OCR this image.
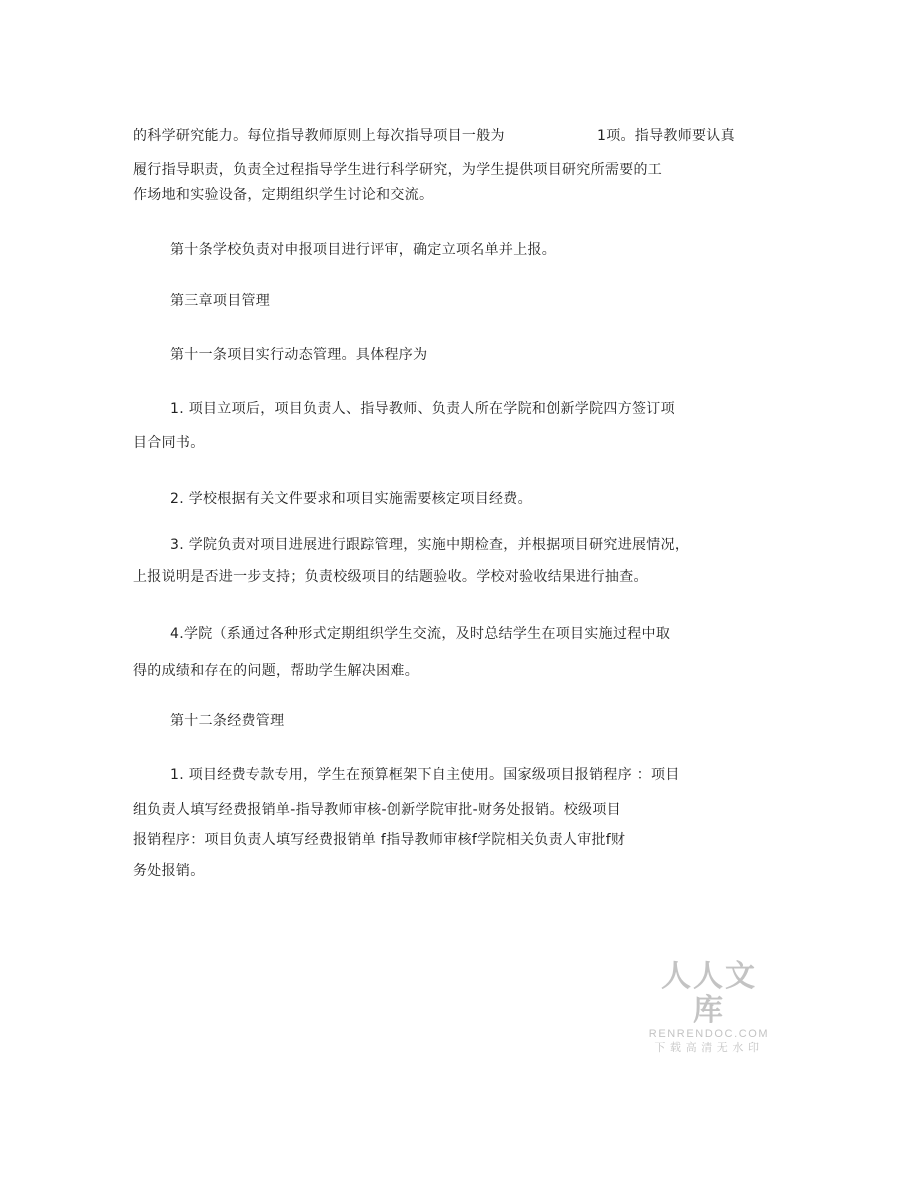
的科学研究能力。每位指导教师原则上每次指导项目一般为	1项。指导教师要认真
履行指导职责，负责全过程指导学生进行科学研究，为学生提供项目研究所需要的工
作场地和实验设备，定期组织学生讨论和交流。
第十条学校负责对申报项目进行评审，确定立项名单并上报。
第三章项目管理
第十一条项目实行动态管理。具体程序为
1. 项目立项后，项目负责人、指导教师、负责人所在学院和创新学院四方签订项
目合同书。
2. 学校根据有关文件要求和项目实施需要核定项目经费。
3. 学院负责对项目进展进行跟踪管理，实施中期检查，并根据项目研究进展情况，
上报说明是否进一步支持；负责校级项目的结题验收。学校对验收结果进行抽查。
4.学院（系通过各种形式定期组织学生交流，及时总结学生在项目实施过程中取
得的成绩和存在的问题，帮助学生解决困难。
第十二条经费管理
1. 项目经费专款专用，学生在预算框架下自主使用。国家级项目报销程序 ：项目
组负责人填写经费报销单-指导教师审核-创新学院审批-财务处报销。校级项目
报销程序：项目负责人填写经费报销单 f指导教师审核f学院相关负责人审批f财
务处报销。
人人文库
RENRENDOC.COM
下载高清无水印
